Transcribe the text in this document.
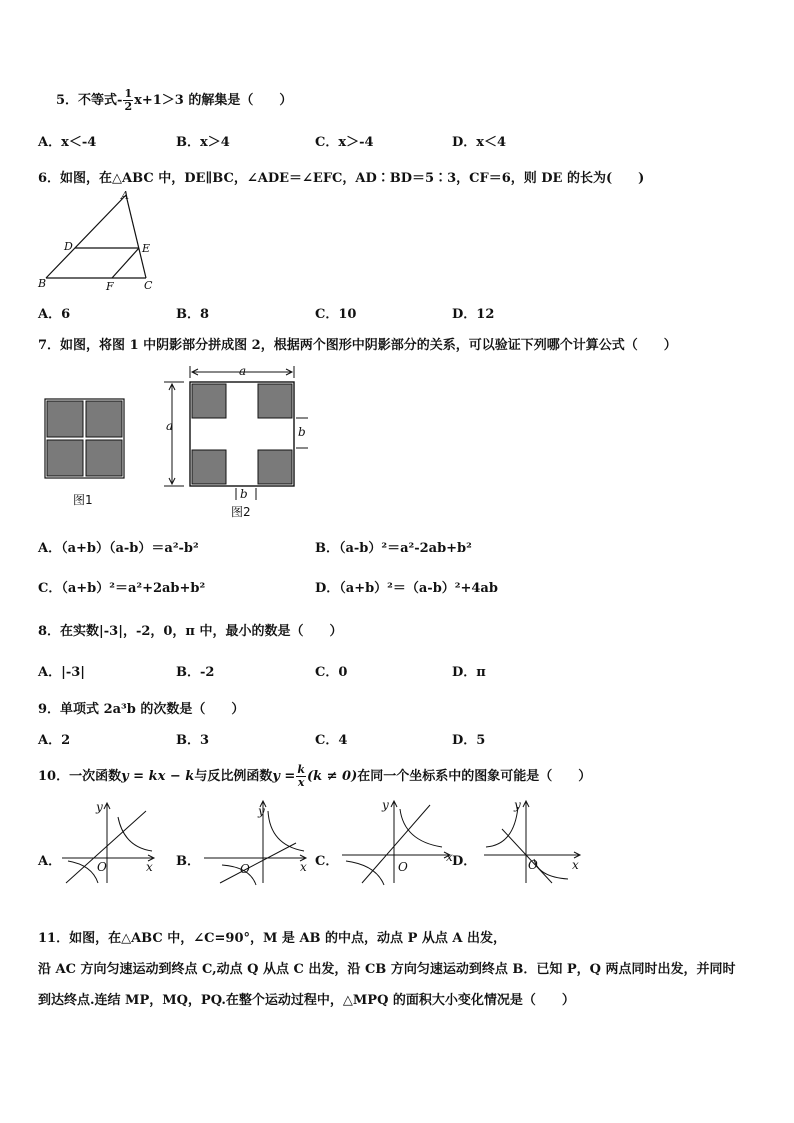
5．不等式- $\frac{1}{2} x+1>3$ 的解集是（　　）
A．x＜-4	B．x＞4	C．x＞-4	D．x＜4
6．如图，在△ABC 中，DE∥BC，∠ADE＝∠EFC，AD∶BD＝5∶3，CF＝6，则 DE 的长为(　　)
A
B	C
D	E
F
A．6	B．8	C．10	D．12
7．如图，将图 1 中阴影部分拼成图 2，根据两个图形中阴影部分的关系，可以验证下列哪个计算公式（　　）
图1
a
a	b
b
图2
A．（a+b）（a-b）＝a²-b²	B．（a-b）²＝a²-2ab+b²
C．（a+b）²＝a²+2ab+b²	D．（a+b）²＝（a-b）²+4ab
8．在实数|-3|，-2，0，π 中，最小的数是（　　）
A．|-3|	B．-2	C．0	D．π
9．单项式 2a³b 的次数是（　　）
A．2	B．3	C．4	D．5
10．一次函数y = kx − k与反比例函数$y = \frac{k}{x} (k \ne 0)$在同一个坐标系中的图象可能是（　　）
A．
y
x
O	B．
y
x
O	C．
y
x
O	D．
y
x
O
11．如图，在△ABC 中，∠C=90°，M 是 AB 的中点，动点 P 从点 A 出发，
沿 AC 方向匀速运动到终点 C,动点 Q 从点 C 出发，沿 CB 方向匀速运动到终点 B．已知 P，Q 两点同时出发，并同时
到达终点.连结 MP，MQ，PQ.在整个运动过程中，△MPQ 的面积大小变化情况是（　　）
